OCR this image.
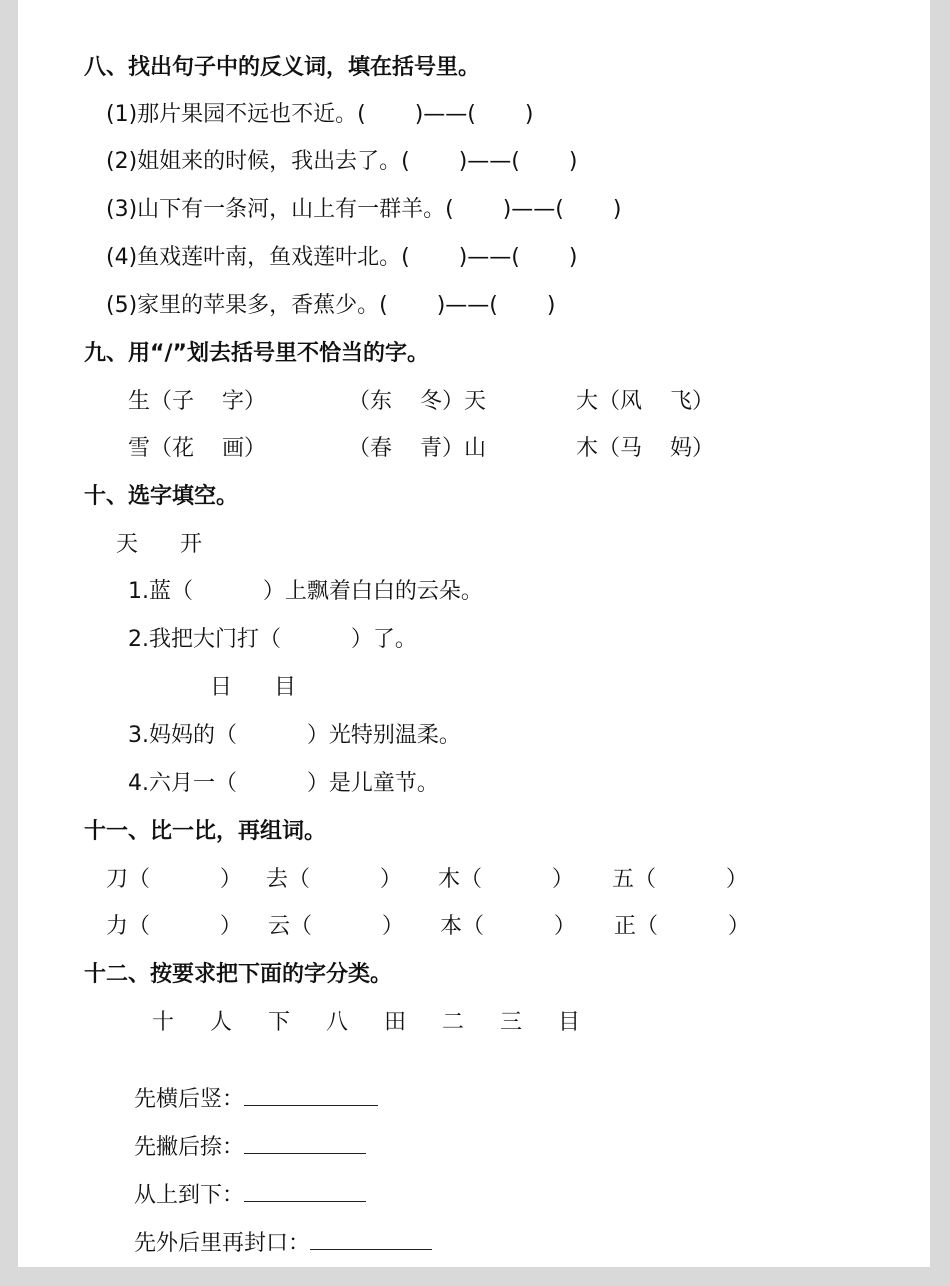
八、找出句子中的反义词，填在括号里。
(1)那片果园不远也不近。(       )——(       )
(2)姐姐来的时候，我出去了。(       )——(       )
(3)山下有一条河，山上有一群羊。(       )——(       )
(4)鱼戏莲叶南，鱼戏莲叶北。(       )——(       )
(5)家里的苹果多，香蕉少。(       )——(       )
九、用“/”划去括号里不恰当的字。
生（子    字）	（东    冬）天	大（风    飞）
雪（花    画）	（春    青）山	木（马    妈）
十、选字填空。
天      开
1.蓝（          ）上飘着白白的云朵。
2.我把大门打（          ）了。
日      目
3.妈妈的（          ）光特别温柔。
4.六月一（          ）是儿童节。
十一、比一比，再组词。
刀（          ） 去（          ） 木（          ） 五（          ）
力（          ） 云（          ） 本（          ） 正（          ）
十二、按要求把下面的字分类。
十 人 下 八 田 二 三 目

先横后竖：

先撇后捺：

从上到下：

先外后里再封口：
